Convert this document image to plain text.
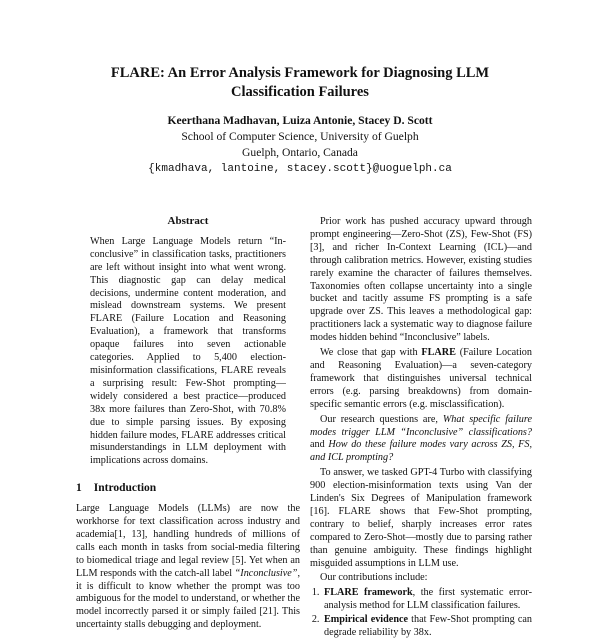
FLARE: An Error Analysis Framework for Diagnosing LLM
Classification Failures
Keerthana Madhavan, Luiza Antonie, Stacey D. Scott
School of Computer Science, University of Guelph
Guelph, Ontario, Canada
{kmadhava, lantoine, stacey.scott}@uoguelph.ca
Abstract

When Large Language Models return “In-conclusive” in classification tasks, practitioners are left without insight into what went wrong. This diagnostic gap can delay medical decisions, undermine content moderation, and mislead downstream systems. We present FLARE (Failure Location and Reasoning Evaluation), a framework that transforms opaque failures into seven actionable categories. Applied to 5,400 election-misinformation classifications, FLARE reveals a surprising result: Few-Shot prompting—widely considered a best practice—produced 38x more failures than Zero-Shot, with 70.8% due to simple parsing issues. By exposing hidden failure modes, FLARE addresses critical misunderstandings in LLM deployment with implications across domains.

1 Introduction

Large Language Models (LLMs) are now the workhorse for text classification across industry and academia[1, 13], handling hundreds of millions of calls each month in tasks from social-media filtering to biomedical triage and legal review [5]. Yet when an LLM responds with the catch-all label “Inconclusive”, it is difficult to know whether the prompt was too ambiguous for the model to understand, or whether the model incorrectly parsed it or simply failed [21]. This uncertainty stalls debugging and deployment.

Prior work has pushed accuracy upward through prompt engineering—Zero-Shot (ZS), Few-Shot (FS)[3], and richer In-Context Learning (ICL)—and through calibration metrics. However, existing studies rarely examine the character of failures themselves. Taxonomies often collapse uncertainty into a single bucket and tacitly assume FS prompting is a safe upgrade over ZS. This leaves a methodological gap: practitioners lack a systematic way to diagnose failure modes hidden behind “Inconclusive” labels.

We close that gap with FLARE (Failure Location and Reasoning Evaluation)—a seven-category framework that distinguishes universal technical errors (e.g. parsing breakdowns) from domain-specific semantic errors (e.g. misclassification).

Our research questions are, What specific failure modes trigger LLM “Inconclusive” classifications? and How do these failure modes vary across ZS, FS, and ICL prompting?

To answer, we tasked GPT-4 Turbo with classifying 900 election-misinformation texts using Van der Linden's Six Degrees of Manipulation framework [16]. FLARE shows that Few-Shot prompting, contrary to belief, sharply increases error rates compared to Zero-Shot—mostly due to parsing rather than genuine ambiguity. These findings highlight misguided assumptions in LLM use.

Our contributions include:

1. FLARE framework, the first systematic error-analysis method for LLM classification failures.
2. Empirical evidence that Few-Shot prompting can degrade reliability by 38x.
